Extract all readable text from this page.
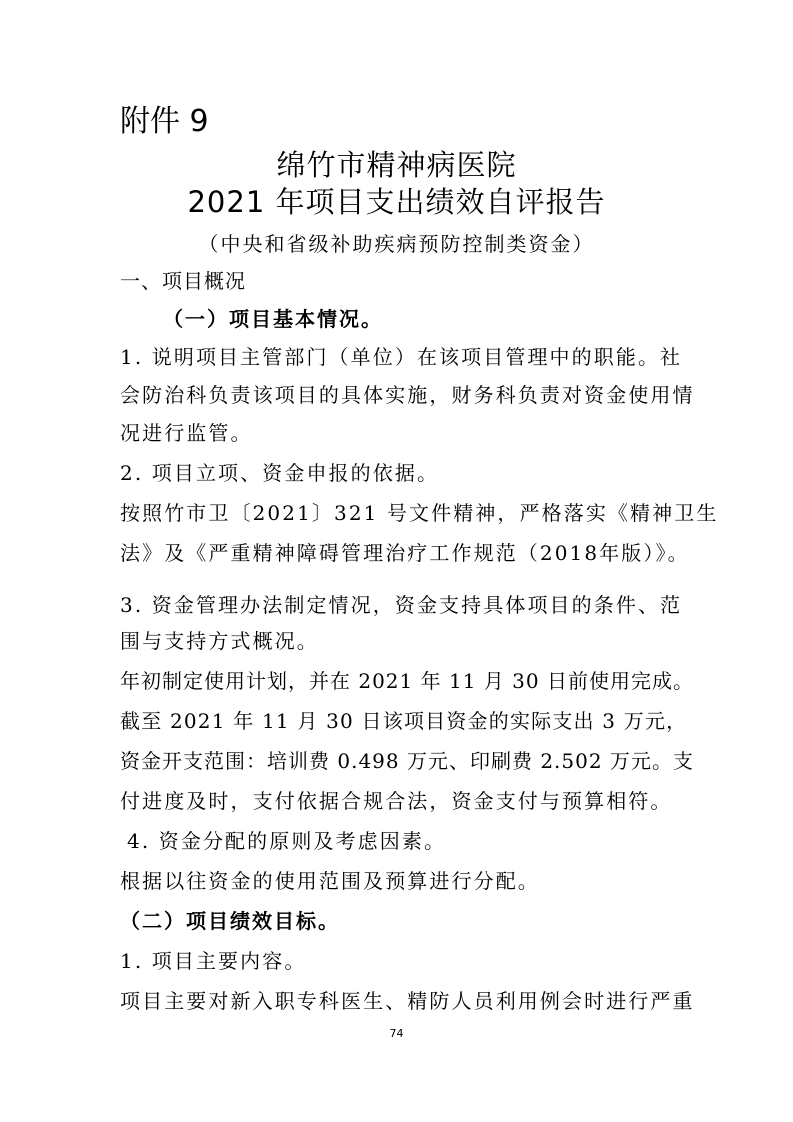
附件 9
绵竹市精神病医院
2021 年项目支出绩效自评报告
（中央和省级补助疾病预防控制类资金）
一、项目概况
（一）项目基本情况。
1. 说明项目主管部门（单位）在该项目管理中的职能。社
会防治科负责该项目的具体实施，财务科负责对资金使用情
况进行监管。
2. 项目立项、资金申报的依据。
按照竹市卫〔2021〕321 号文件精神，严格落实《精神卫生
法》及《严重精神障碍管理治疗工作规范（2018年版）》。
3. 资金管理办法制定情况，资金支持具体项目的条件、范
围与支持方式概况。
年初制定使用计划，并在 2021 年 11 月 30 日前使用完成。
截至 2021 年 11 月 30 日该项目资金的实际支出 3 万元，
资金开支范围：培训费 0.498 万元、印刷费 2.502 万元。支
付进度及时，支付依据合规合法，资金支付与预算相符。
4. 资金分配的原则及考虑因素。
根据以往资金的使用范围及预算进行分配。
（二）项目绩效目标。
1. 项目主要内容。
项目主要对新入职专科医生、精防人员利用例会时进行严重
74
